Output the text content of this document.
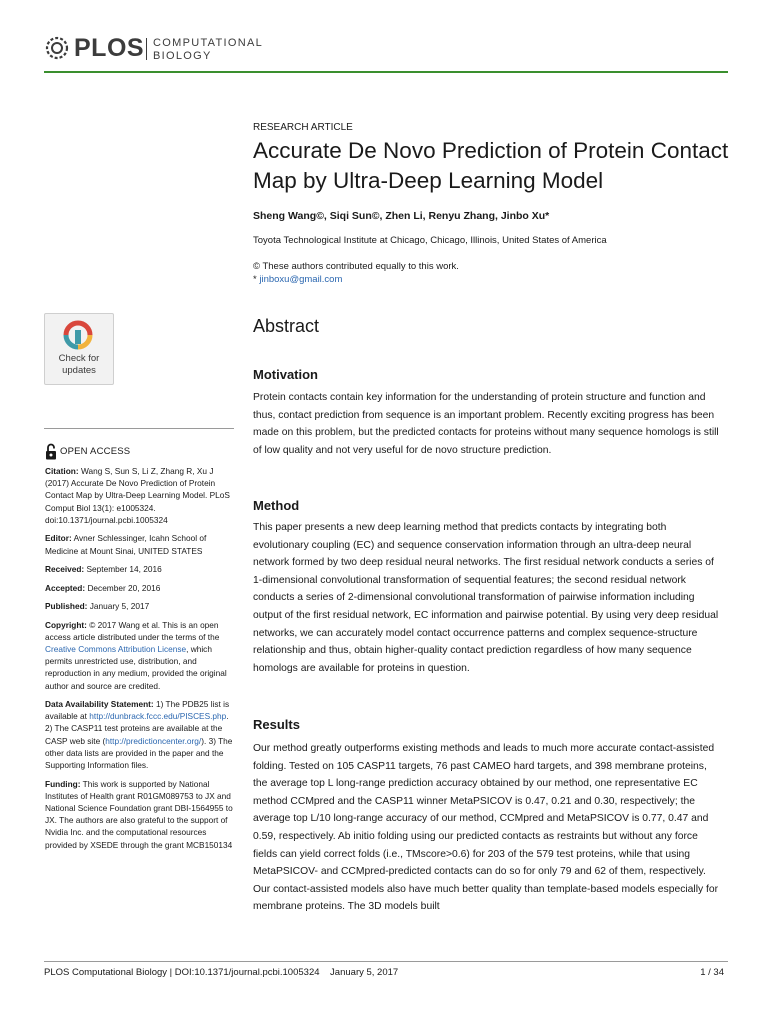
PLOS COMPUTATIONAL
BIOLOGY
RESEARCH ARTICLE
Accurate De Novo Prediction of Protein Contact Map by Ultra-Deep Learning Model
Sheng Wang©, Siqi Sun©, Zhen Li, Renyu Zhang, Jinbo Xu*
Toyota Technological Institute at Chicago, Chicago, Illinois, United States of America
© These authors contributed equally to this work.
* jinboxu@gmail.com
Check for
updates
OPEN ACCESS

Citation: Wang S, Sun S, Li Z, Zhang R, Xu J (2017) Accurate De Novo Prediction of Protein Contact Map by Ultra-Deep Learning Model. PLoS Comput Biol 13(1): e1005324. doi:10.1371/journal.pcbi.1005324

Editor: Avner Schlessinger, Icahn School of Medicine at Mount Sinai, UNITED STATES

Received: September 14, 2016

Accepted: December 20, 2016

Published: January 5, 2017

Copyright: © 2017 Wang et al. This is an open access article distributed under the terms of the Creative Commons Attribution License, which permits unrestricted use, distribution, and reproduction in any medium, provided the original author and source are credited.

Data Availability Statement: 1) The PDB25 list is available at http://dunbrack.fccc.edu/PISCES.php. 2) The CASP11 test proteins are available at the CASP web site (http://predictioncenter.org/). 3) The other data lists are provided in the paper and the Supporting Information files.

Funding: This work is supported by National Institutes of Health grant R01GM089753 to JX and National Science Foundation grant DBI-1564955 to JX. The authors are also grateful to the support of Nvidia Inc. and the computational resources provided by XSEDE through the grant MCB150134

Abstract
Motivation

Protein contacts contain key information for the understanding of protein structure and function and thus, contact prediction from sequence is an important problem. Recently exciting progress has been made on this problem, but the predicted contacts for proteins without many sequence homologs is still of low quality and not very useful for de novo structure prediction.

Method

This paper presents a new deep learning method that predicts contacts by integrating both evolutionary coupling (EC) and sequence conservation information through an ultra-deep neural network formed by two deep residual neural networks. The first residual network conducts a series of 1-dimensional convolutional transformation of sequential features; the second residual network conducts a series of 2-dimensional convolutional transformation of pairwise information including output of the first residual network, EC information and pairwise potential. By using very deep residual networks, we can accurately model contact occurrence patterns and complex sequence-structure relationship and thus, obtain higher-quality contact prediction regardless of how many sequence homologs are available for proteins in question.

Results

Our method greatly outperforms existing methods and leads to much more accurate contact-assisted folding. Tested on 105 CASP11 targets, 76 past CAMEO hard targets, and 398 membrane proteins, the average top L long-range prediction accuracy obtained by our method, one representative EC method CCMpred and the CASP11 winner MetaPSICOV is 0.47, 0.21 and 0.30, respectively; the average top L/10 long-range accuracy of our method, CCMpred and MetaPSICOV is 0.77, 0.47 and 0.59, respectively. Ab initio folding using our predicted contacts as restraints but without any force fields can yield correct folds (i.e., TMscore>0.6) for 203 of the 579 test proteins, while that using MetaPSICOV- and CCMpred-predicted contacts can do so for only 79 and 62 of them, respectively. Our contact-assisted models also have much better quality than template-based models especially for membrane proteins. The 3D models built

PLOS Computational Biology | DOI:10.1371/journal.pcbi.1005324    January 5, 2017	1 / 34
